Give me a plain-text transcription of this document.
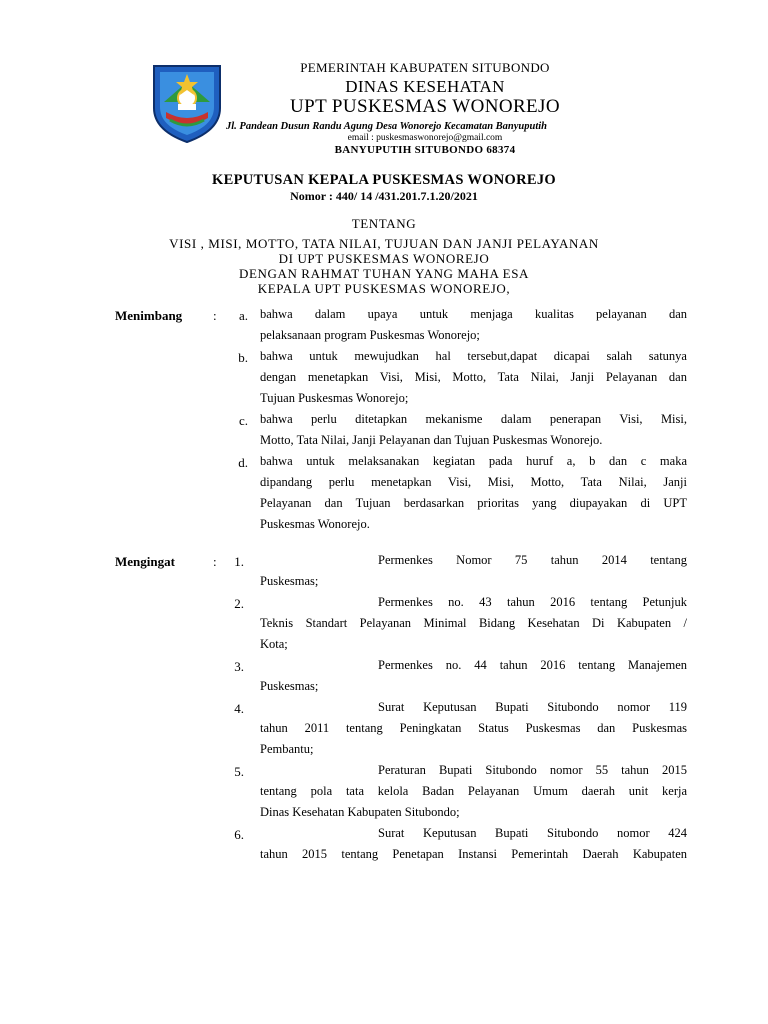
PEMERINTAH KABUPATEN SITUBONDO
DINAS KESEHATAN
UPT PUSKESMAS WONOREJO
Jl. Pandean Dusun Randu Agung Desa Wonorejo Kecamatan Banyuputih
email : puskesmaswonorejo@gmail.com
BANYUPUTIH SITUBONDO 68374
KEPUTUSAN KEPALA PUSKESMAS WONOREJO
Nomor : 440/ 14 /431.201.7.1.20/2021
TENTANG
VISI , MISI, MOTTO, TATA NILAI, TUJUAN DAN JANJI PELAYANAN
DI UPT PUSKESMAS WONOREJO
DENGAN RAHMAT TUHAN YANG MAHA ESA
KEPALA UPT PUSKESMAS WONOREJO,
Menimbang :	a. bahwa dalam upaya untuk menjaga kualitas pelayanan dan
pelaksanaan program Puskesmas Wonorejo;
b. bahwa untuk mewujudkan hal tersebut,dapat dicapai salah satunya
dengan menetapkan Visi, Misi, Motto, Tata Nilai, Janji Pelayanan dan
Tujuan Puskesmas Wonorejo;
c. bahwa perlu ditetapkan mekanisme dalam penerapan Visi, Misi,
Motto, Tata Nilai, Janji Pelayanan dan Tujuan Puskesmas Wonorejo.
d. bahwa untuk melaksanakan kegiatan pada huruf a, b dan c maka
dipandang perlu menetapkan Visi, Misi, Motto, Tata Nilai, Janji
Pelayanan dan Tujuan berdasarkan prioritas yang diupayakan di UPT
Puskesmas Wonorejo.
Mengingat	:	1.	Permenkes Nomor 75 tahun 2014 tentang
Puskesmas;
2.	Permenkes no. 43 tahun 2016 tentang Petunjuk
Teknis Standart Pelayanan Minimal Bidang Kesehatan Di Kabupaten /
Kota;
3.	Permenkes no. 44 tahun 2016 tentang Manajemen
Puskesmas;
4.	Surat Keputusan Bupati Situbondo nomor 119
tahun 2011 tentang Peningkatan Status Puskesmas dan Puskesmas
Pembantu;
5.	Peraturan Bupati Situbondo nomor 55 tahun 2015
tentang pola tata kelola Badan Pelayanan Umum daerah unit kerja
Dinas Kesehatan Kabupaten Situbondo;
6.	Surat Keputusan Bupati Situbondo nomor 424
tahun 2015 tentang Penetapan Instansi Pemerintah Daerah Kabupaten
